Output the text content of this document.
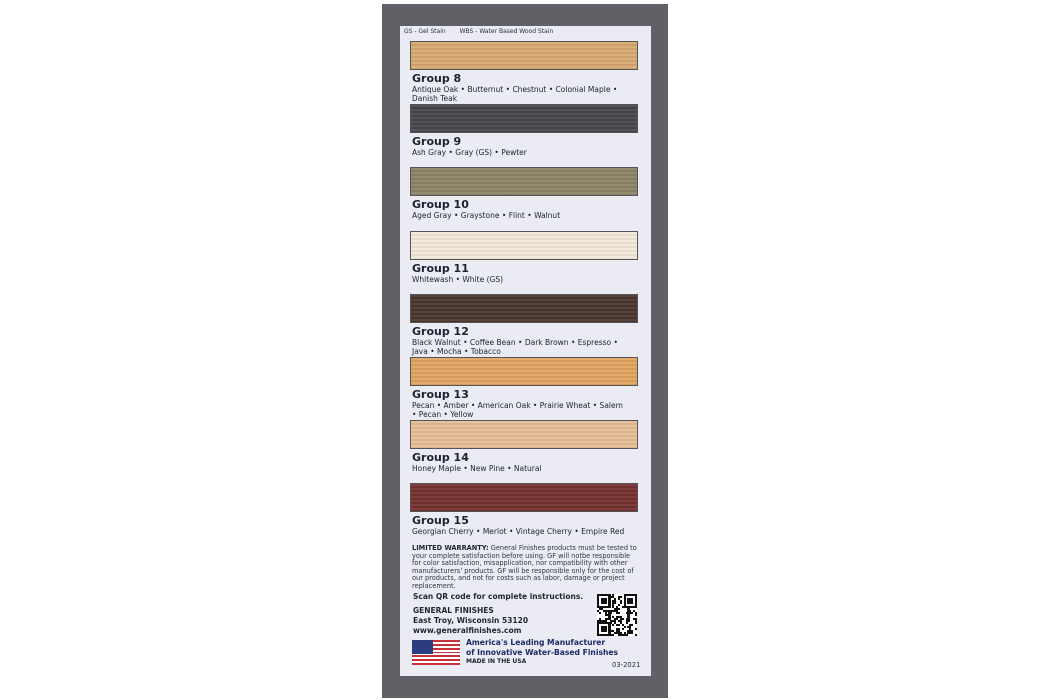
GS - Gel Stain WBS - Water Based Wood Stain
Group 8
Antique Oak • Butternut • Chestnut • Colonial Maple • Danish Teak
Group 9
Ash Gray • Gray (GS) • Pewter
Group 10
Aged Gray • Graystone • Flint • Walnut
Group 11
Whitewash • White (GS)
Group 12
Black Walnut • Coffee Bean • Dark Brown • Espresso • Java • Mocha • Tobacco
Group 13
Pecan • Amber • American Oak • Prairie Wheat • Salem • Pecan • Yellow
Group 14
Honey Maple • New Pine • Natural
Group 15
Georgian Cherry • Merlot • Vintage Cherry • Empire Red
LIMITED WARRANTY: General Finishes products must be tested to your complete satisfaction before using. GF will notbe responsible for color satisfaction, misapplication, nor compatibility with other manufacturers' products. GF will be responsible only for the cost of our products, and not for costs such as labor, damage or project replacement.
Scan QR code for complete instructions.
GENERAL FINISHES
East Troy, Wisconsin 53120
www.generalfinishes.com
America's Leading Manufacturer
of Innovative Water-Based Finishes
MADE IN THE USA	03-2021
